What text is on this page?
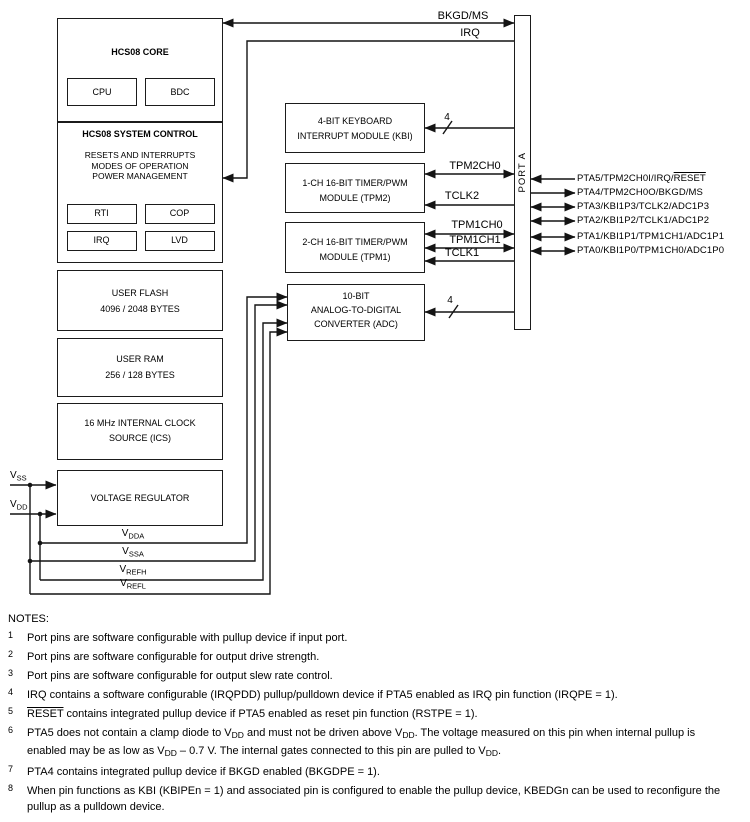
HCS08 CORE
CPU	BDC
HCS08 SYSTEM CONTROL
RESETS AND INTERRUPTS
MODES OF OPERATION
POWER MANAGEMENT
RTI	COP
IRQ	LVD
USER FLASH
4096 / 2048 BYTES
USER RAM
256 / 128 BYTES
16 MHz INTERNAL CLOCK
SOURCE (ICS)
VOLTAGE REGULATOR
4-BIT KEYBOARD
INTERRUPT MODULE (KBI)
1-CH 16-BIT TIMER/PWM
MODULE (TPM2)
2-CH 16-BIT TIMER/PWM
MODULE (TPM1)
10-BIT
ANALOG-TO-DIGITAL
CONVERTER (ADC)
PORT A
BKGD/MS
IRQ
4
TPM2CH0
TCLK2
TPM1CH0
TPM1CH1
TCLK1
4
$V_{SS}$
$V_{DD}$
$V_{DDA}$
$V_{SSA}$
$V_{REFH}$
$V_{REFL}$
PTA5/TPM2CH0I/IRQ/RESET
PTA4/TPM2CH0O/BKGD/MS
PTA3/KBI1P3/TCLK2/ADC1P3
PTA2/KBI1P2/TCLK1/ADC1P2
PTA1/KBI1P1/TPM1CH1/ADC1P1
PTA0/KBI1P0/TPM1CH0/ADC1P0
NOTES:
1	Port pins are software configurable with pullup device if input port.
2	Port pins are software configurable for output drive strength.
3	Port pins are software configurable for output slew rate control.
4	IRQ contains a software configurable (IRQPDD) pullup/pulldown device if PTA5 enabled as IRQ pin function (IRQPE = 1).
5	RESET contains integrated pullup device if PTA5 enabled as reset pin function (RSTPE = 1).
6	PTA5 does not contain a clamp diode to VDD and must not be driven above VDD. The voltage measured on this pin when internal pullup is enabled may be as low as VDD – 0.7 V. The internal gates connected to this pin are pulled to VDD.
7	PTA4 contains integrated pullup device if BKGD enabled (BKGDPE = 1).
8	When pin functions as KBI (KBIPEn = 1) and associated pin is configured to enable the pullup device, KBEDGn can be used to reconfigure the pullup as a pulldown device.
